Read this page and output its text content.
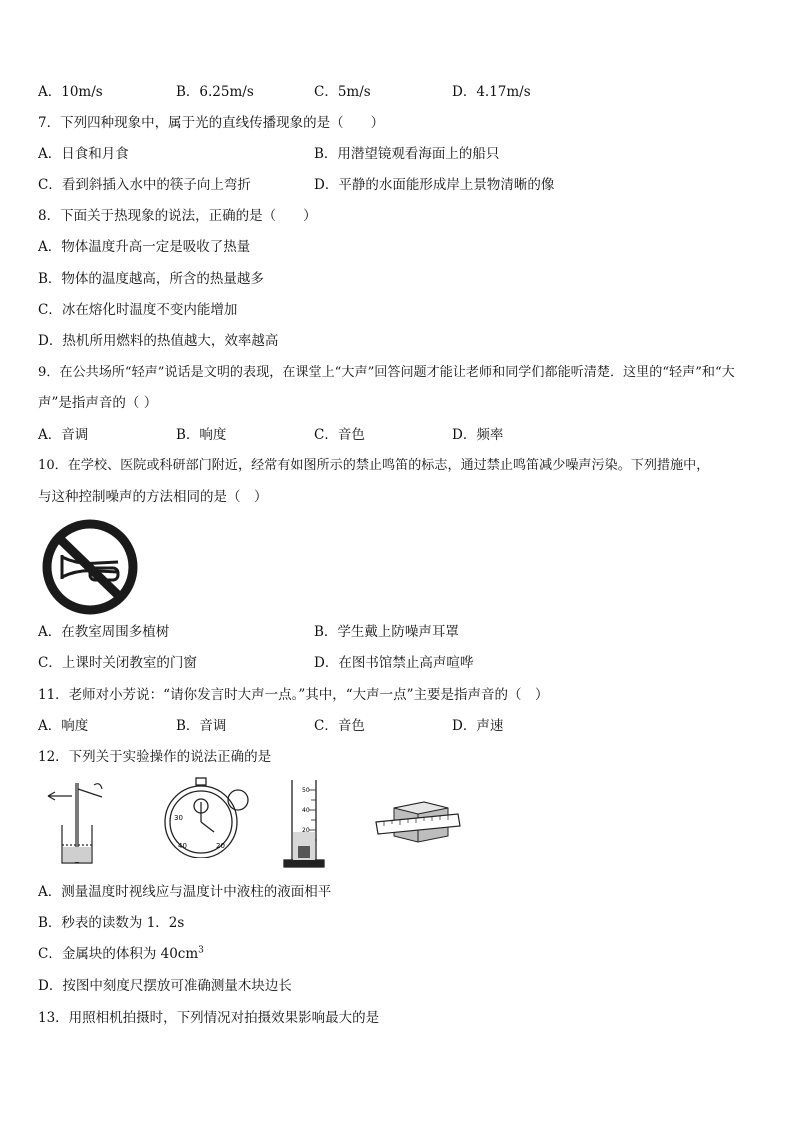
A．10m/s	B．6.25m/s	C．5m/s	D．4.17m/s
7．下列四种现象中，属于光的直线传播现象的是（　　）
A．日食和月食	B．用潜望镜观看海面上的船只
C．看到斜插入水中的筷子向上弯折	D．平静的水面能形成岸上景物清晰的像
8．下面关于热现象的说法，正确的是（　　）
A．物体温度升高一定是吸收了热量
B．物体的温度越高，所含的热量越多
C．冰在熔化时温度不变内能增加
D．热机所用燃料的热值越大，效率越高
9．在公共场所“轻声”说话是文明的表现，在课堂上“大声”回答问题才能让老师和同学们都能听清楚．这里的“轻声”和“大
声”是指声音的（ ）
A．音调	B．响度	C．音色	D．频率
10．在学校、医院或科研部门附近，经常有如图所示的禁止鸣笛的标志，通过禁止鸣笛减少噪声污染。下列措施中，
与这种控制噪声的方法相同的是（　）
A．在教室周围多植树	B．学生戴上防噪声耳罩
C．上课时关闭教室的门窗	D．在图书馆禁止高声喧哗
11．老师对小芳说：“请你发言时大声一点。”其中，“大声一点”主要是指声音的（　）
A．响度	B．音调	C．音色	D．声速
12．下列关于实验操作的说法正确的是
30
40	20
50
40
20
A．测量温度时视线应与温度计中液柱的液面相平
B．秒表的读数为 1．2s
C．金属块的体积为 $40cm^3$
D．按图中刻度尺摆放可准确测量木块边长
13．用照相机拍摄时，下列情况对拍摄效果影响最大的是
